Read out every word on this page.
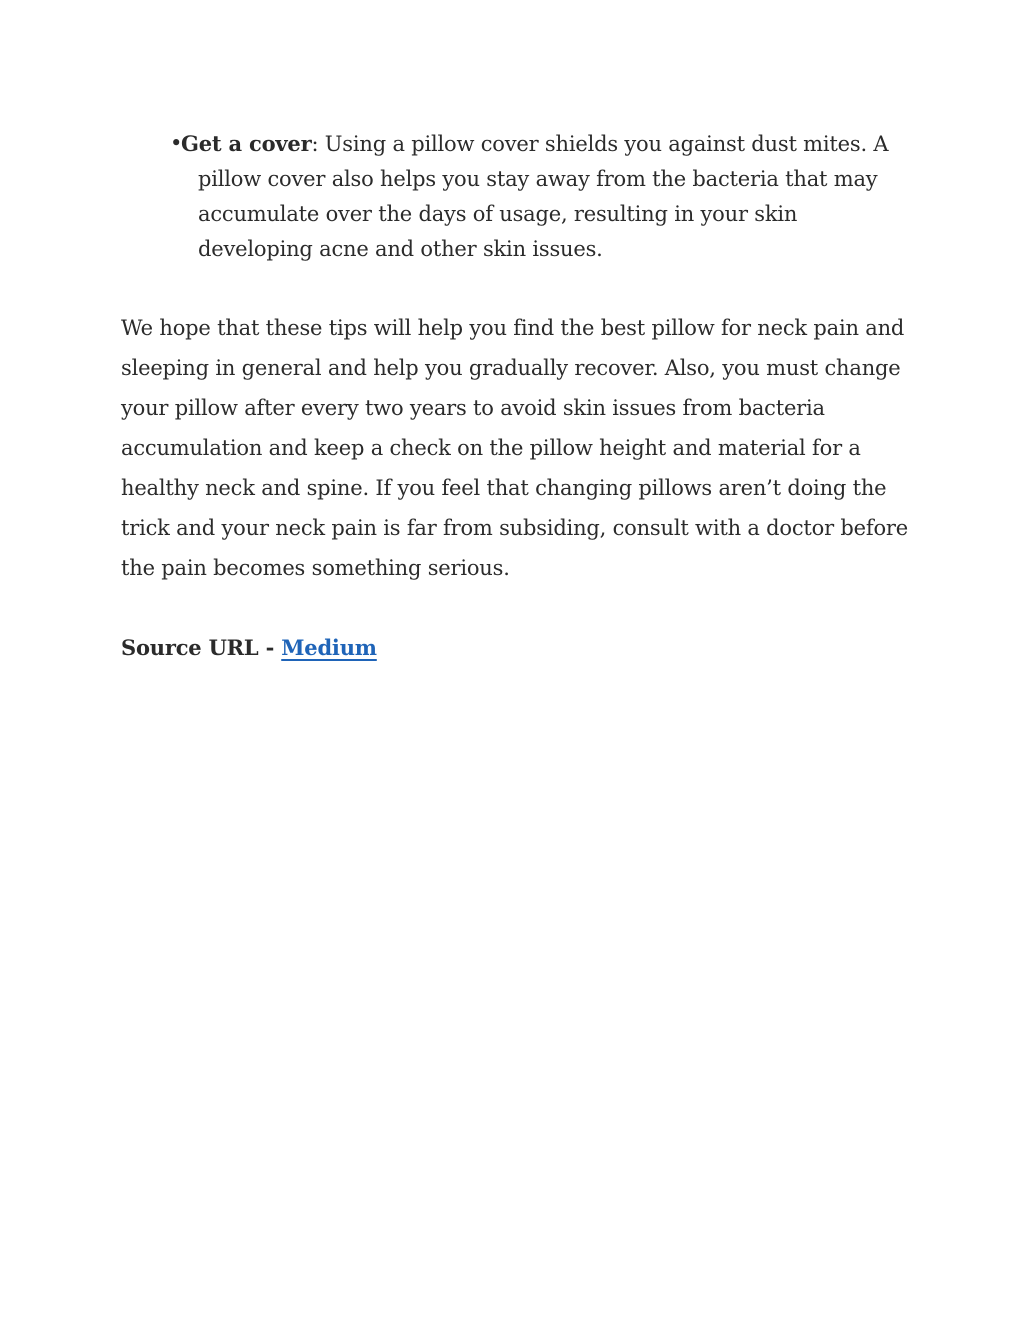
•
Get a cover: Using a pillow cover shields you against dust mites. A pillow cover also helps you stay away from the bacteria that may accumulate over the days of usage, resulting in your skin developing acne and other skin issues.

We hope that these tips will help you find the best pillow for neck pain and sleeping in general and help you gradually recover. Also, you must change your pillow after every two years to avoid skin issues from bacteria accumulation and keep a check on the pillow height and material for a healthy neck and spine. If you feel that changing pillows aren’t doing the trick and your neck pain is far from subsiding, consult with a doctor before the pain becomes something serious.

Source URL - Medium
